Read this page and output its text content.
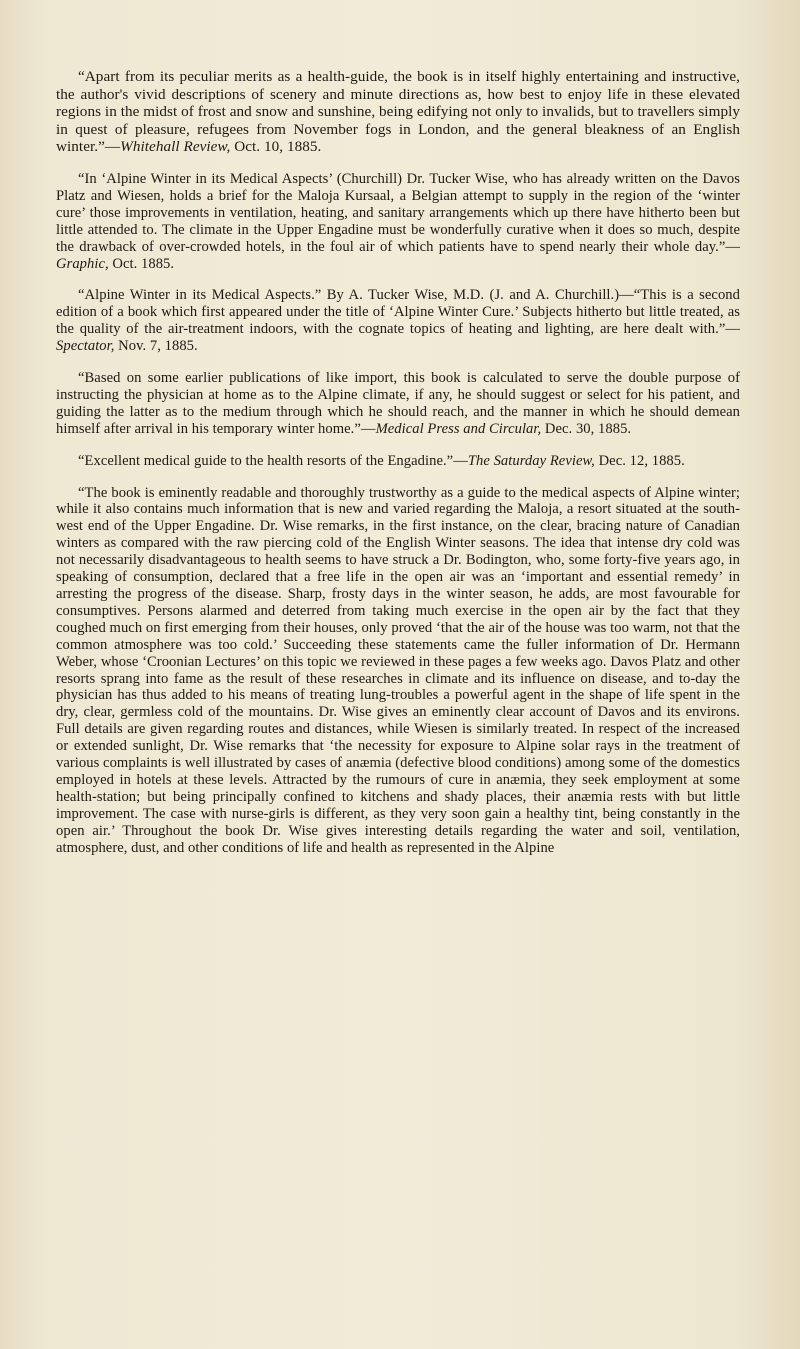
“Apart from its peculiar merits as a health-guide, the book is in itself highly entertaining and instructive, the author's vivid descriptions of scenery and minute directions as, how best to enjoy life in these elevated regions in the midst of frost and snow and sunshine, being edifying not only to invalids, but to travellers simply in quest of pleasure, refugees from November fogs in London, and the general bleakness of an English winter.”—Whitehall Review, Oct. 10, 1885.

“In ‘Alpine Winter in its Medical Aspects’ (Churchill) Dr. Tucker Wise, who has already written on the Davos Platz and Wiesen, holds a brief for the Maloja Kursaal, a Belgian attempt to supply in the region of the ‘winter cure’ those improvements in ventilation, heating, and sanitary arrangements which up there have hitherto been but little attended to. The climate in the Upper Engadine must be wonderfully curative when it does so much, despite the drawback of over-crowded hotels, in the foul air of which patients have to spend nearly their whole day.”—Graphic, Oct. 1885.

“Alpine Winter in its Medical Aspects.” By A. Tucker Wise, M.D. (J. and A. Churchill.)—“This is a second edition of a book which first appeared under the title of ‘Alpine Winter Cure.’ Subjects hitherto but little treated, as the quality of the air-treatment indoors, with the cognate topics of heating and lighting, are here dealt with.”—Spectator, Nov. 7, 1885.

“Based on some earlier publications of like import, this book is calculated to serve the double purpose of instructing the physician at home as to the Alpine climate, if any, he should suggest or select for his patient, and guiding the latter as to the medium through which he should reach, and the manner in which he should demean himself after arrival in his temporary winter home.”—Medical Press and Circular, Dec. 30, 1885.

“Excellent medical guide to the health resorts of the Engadine.”—The Saturday Review, Dec. 12, 1885.

“The book is eminently readable and thoroughly trustworthy as a guide to the medical aspects of Alpine winter; while it also contains much information that is new and varied regarding the Maloja, a resort situated at the south-west end of the Upper Engadine. Dr. Wise remarks, in the first instance, on the clear, bracing nature of Canadian winters as compared with the raw piercing cold of the English Winter seasons. The idea that intense dry cold was not necessarily disadvantageous to health seems to have struck a Dr. Bodington, who, some forty-five years ago, in speaking of consumption, declared that a free life in the open air was an ‘important and essential remedy’ in arresting the progress of the disease. Sharp, frosty days in the winter season, he adds, are most favourable for consumptives. Persons alarmed and deterred from taking much exercise in the open air by the fact that they coughed much on first emerging from their houses, only proved ‘that the air of the house was too warm, not that the common atmosphere was too cold.’ Succeeding these statements came the fuller information of Dr. Hermann Weber, whose ‘Croonian Lectures’ on this topic we reviewed in these pages a few weeks ago. Davos Platz and other resorts sprang into fame as the result of these researches in climate and its influence on disease, and to-day the physician has thus added to his means of treating lung-troubles a powerful agent in the shape of life spent in the dry, clear, germless cold of the mountains. Dr. Wise gives an eminently clear account of Davos and its environs. Full details are given regarding routes and distances, while Wiesen is similarly treated. In respect of the increased or extended sunlight, Dr. Wise remarks that ‘the necessity for exposure to Alpine solar rays in the treatment of various complaints is well illustrated by cases of anæmia (defective blood conditions) among some of the domestics employed in hotels at these levels. Attracted by the rumours of cure in anæmia, they seek employment at some health-station; but being principally confined to kitchens and shady places, their anæmia rests with but little improvement. The case with nurse-girls is different, as they very soon gain a healthy tint, being constantly in the open air.’ Throughout the book Dr. Wise gives interesting details regarding the water and soil, ventilation, atmosphere, dust, and other conditions of life and health as represented in the Alpine
